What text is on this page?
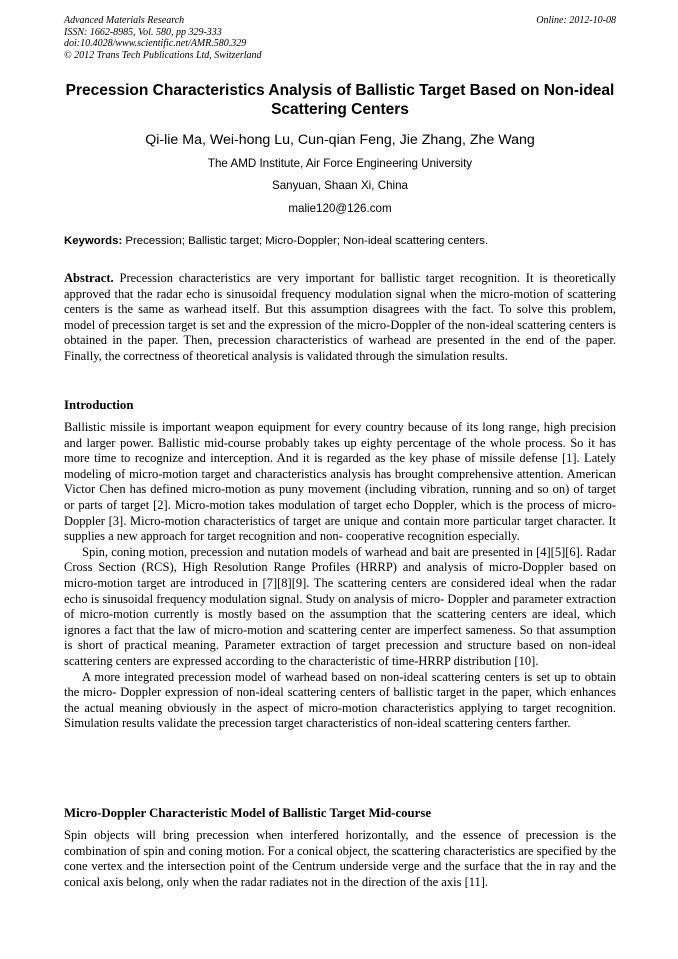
Advanced Materials Research
ISSN: 1662-8985, Vol. 580, pp 329-333
doi:10.4028/www.scientific.net/AMR.580.329
© 2012 Trans Tech Publications Ltd, Switzerland
Online: 2012-10-08
Precession Characteristics Analysis of Ballistic Target Based on Non-ideal Scattering Centers
Qi-lie Ma, Wei-hong Lu, Cun-qian Feng, Jie Zhang, Zhe Wang
The AMD Institute, Air Force Engineering University
Sanyuan, Shaan Xi, China
malie120@126.com
Keywords: Precession; Ballistic target; Micro-Doppler; Non-ideal scattering centers.

Abstract. Precession characteristics are very important for ballistic target recognition. It is theoretically approved that the radar echo is sinusoidal frequency modulation signal when the micro-motion of scattering centers is the same as warhead itself. But this assumption disagrees with the fact. To solve this problem, model of precession target is set and the expression of the micro-Doppler of the non-ideal scattering centers is obtained in the paper. Then, precession characteristics of warhead are presented in the end of the paper. Finally, the correctness of theoretical analysis is validated through the simulation results.

Introduction

Ballistic missile is important weapon equipment for every country because of its long range, high precision and larger power. Ballistic mid-course probably takes up eighty percentage of the whole process. So it has more time to recognize and interception. And it is regarded as the key phase of missile defense [1]. Lately modeling of micro-motion target and characteristics analysis has brought comprehensive attention. American Victor Chen has defined micro-motion as puny movement (including vibration, running and so on) of target or parts of target [2]. Micro-motion takes modulation of target echo Doppler, which is the process of micro- Doppler [3]. Micro-motion characteristics of target are unique and contain more particular target character. It supplies a new approach for target recognition and non- cooperative recognition especially.

Spin, coning motion, precession and nutation models of warhead and bait are presented in [4][5][6]. Radar Cross Section (RCS), High Resolution Range Profiles (HRRP) and analysis of micro-Doppler based on micro-motion target are introduced in [7][8][9]. The scattering centers are considered ideal when the radar echo is sinusoidal frequency modulation signal. Study on analysis of micro- Doppler and parameter extraction of micro-motion currently is mostly based on the assumption that the scattering centers are ideal, which ignores a fact that the law of micro-motion and scattering center are imperfect sameness. So that assumption is short of practical meaning. Parameter extraction of target precession and structure based on non-ideal scattering centers are expressed according to the characteristic of time-HRRP distribution [10].

A more integrated precession model of warhead based on non-ideal scattering centers is set up to obtain the micro- Doppler expression of non-ideal scattering centers of ballistic target in the paper, which enhances the actual meaning obviously in the aspect of micro-motion characteristics applying to target recognition. Simulation results validate the precession target characteristics of non-ideal scattering centers farther.

Micro-Doppler Characteristic Model of Ballistic Target Mid-course

Spin objects will bring precession when interfered horizontally, and the essence of precession is the combination of spin and coning motion. For a conical object, the scattering characteristics are specified by the cone vertex and the intersection point of the Centrum underside verge and the surface that the in ray and the conical axis belong, only when the radar radiates not in the direction of the axis [11].
